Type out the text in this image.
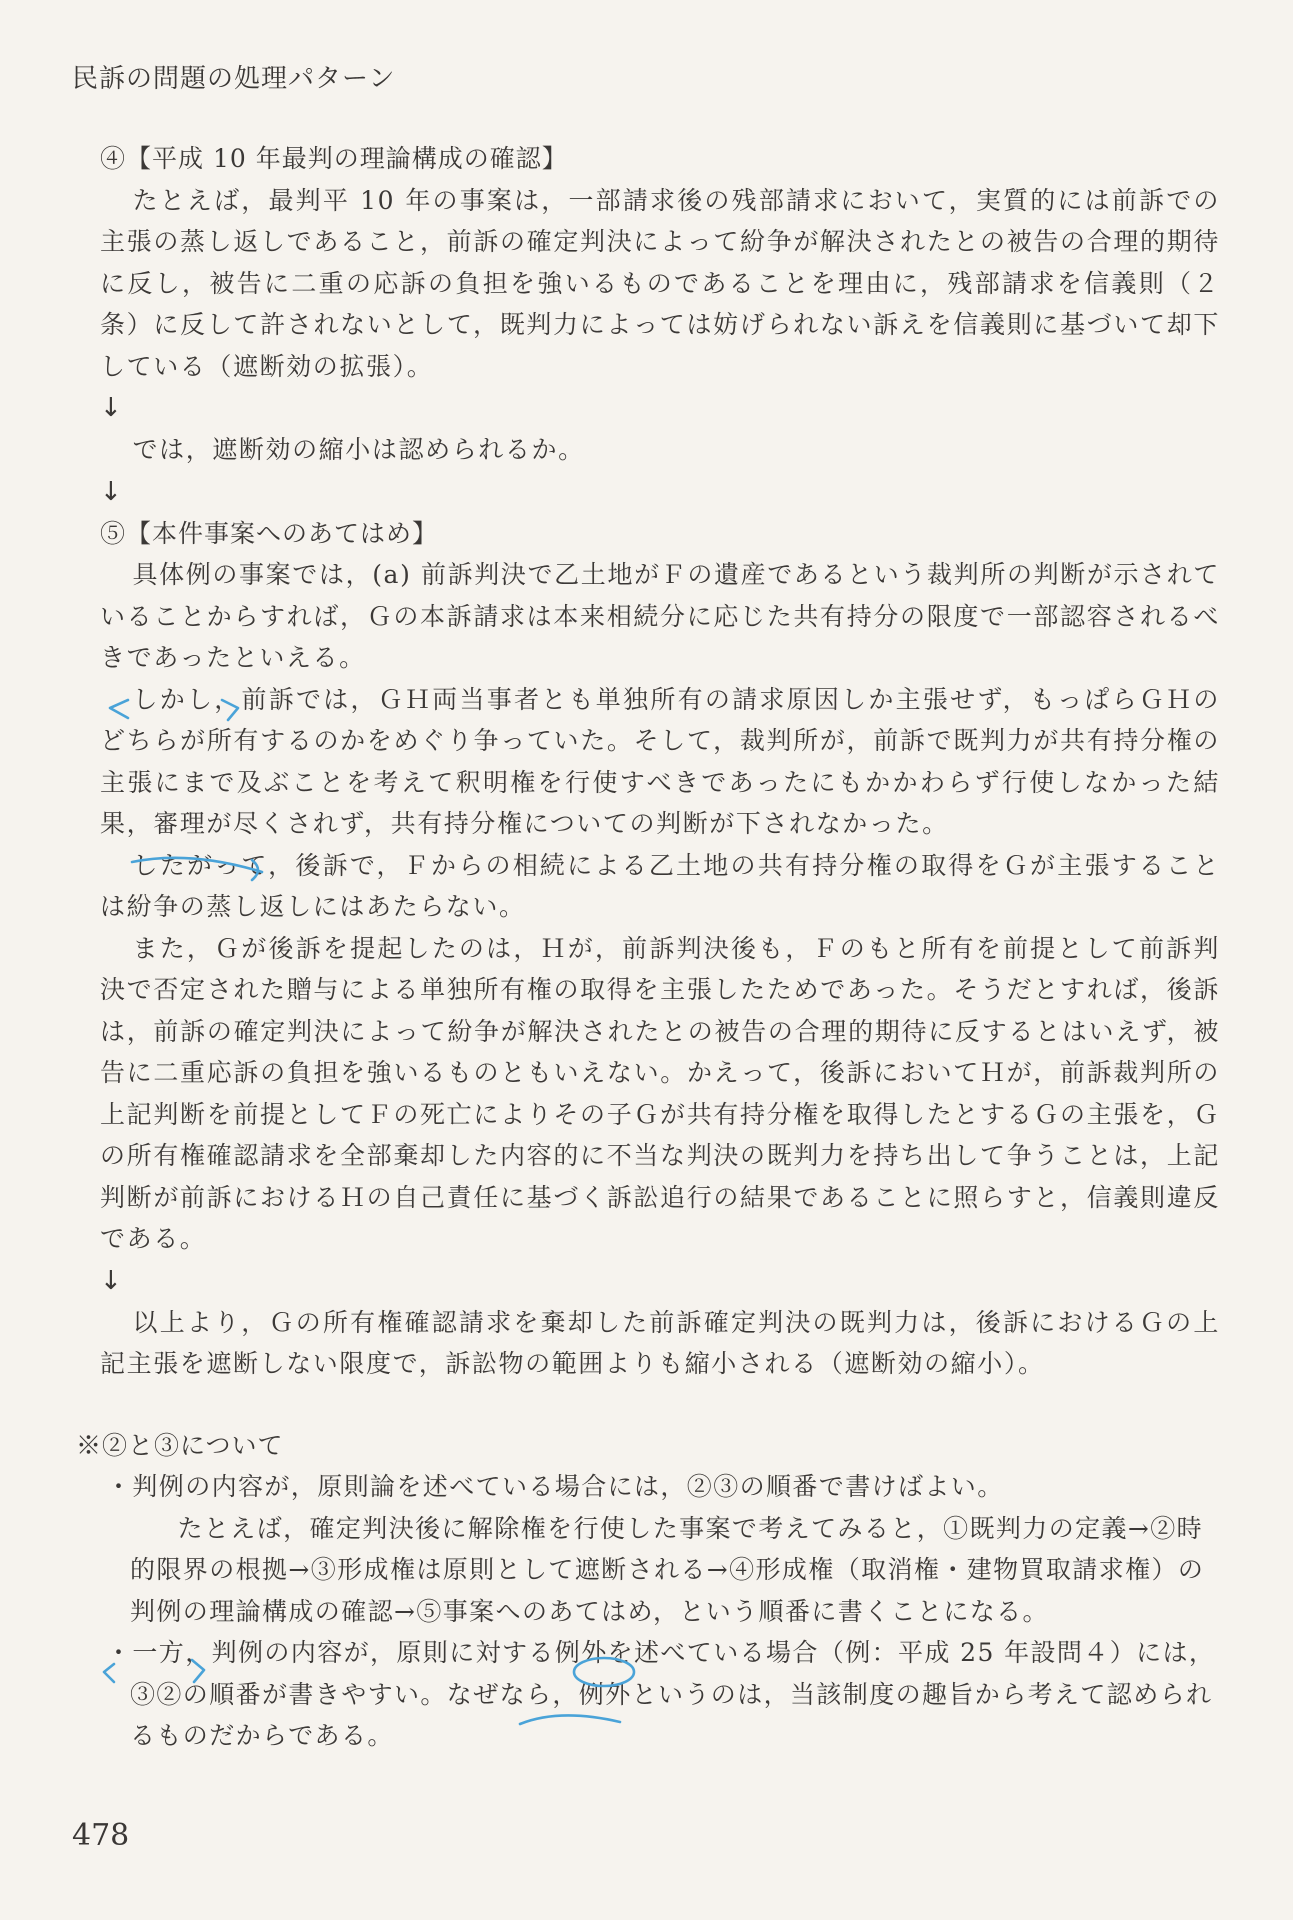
民訴の問題の処理パターン

④【平成 10 年最判の理論構成の確認】

たとえば，最判平 10 年の事案は，一部請求後の残部請求において，実質的には前訴での主張の蒸し返しであること，前訴の確定判決によって紛争が解決されたとの被告の合理的期待に反し，被告に二重の応訴の負担を強いるものであることを理由に，残部請求を信義則（２条）に反して許されないとして，既判力によっては妨げられない訴えを信義則に基づいて却下している（遮断効の拡張）。

↓

では，遮断効の縮小は認められるか。

↓

⑤【本件事案へのあてはめ】

具体例の事案では，(a) 前訴判決で乙土地がＦの遺産であるという裁判所の判断が示されていることからすれば，Ｇの本訴請求は本来相続分に応じた共有持分の限度で一部認容されるべきであったといえる。

しかし，前訴では，ＧＨ両当事者とも単独所有の請求原因しか主張せず，もっぱらＧＨのどちらが所有するのかをめぐり争っていた。そして，裁判所が，前訴で既判力が共有持分権の主張にまで及ぶことを考えて釈明権を行使すべきであったにもかかわらず行使しなかった結果，審理が尽くされず，共有持分権についての判断が下されなかった。

したがって，後訴で，Ｆからの相続による乙土地の共有持分権の取得をＧが主張することは紛争の蒸し返しにはあたらない。

また，Ｇが後訴を提起したのは，Ｈが，前訴判決後も，Ｆのもと所有を前提として前訴判決で否定された贈与による単独所有権の取得を主張したためであった。そうだとすれば，後訴は，前訴の確定判決によって紛争が解決されたとの被告の合理的期待に反するとはいえず，被告に二重応訴の負担を強いるものともいえない。かえって，後訴においてＨが，前訴裁判所の上記判断を前提としてＦの死亡によりその子Ｇが共有持分権を取得したとするＧの主張を，Ｇの所有権確認請求を全部棄却した内容的に不当な判決の既判力を持ち出して争うことは，上記判断が前訴におけるＨの自己責任に基づく訴訟追行の結果であることに照らすと，信義則違反である。

↓

以上より，Ｇの所有権確認請求を棄却した前訴確定判決の既判力は，後訴におけるＧの上記主張を遮断しない限度で，訴訟物の範囲よりも縮小される（遮断効の縮小）。

※②と③について

・判例の内容が，原則論を述べている場合には，②③の順番で書けばよい。

たとえば，確定判決後に解除権を行使した事案で考えてみると，①既判力の定義→②時的限界の根拠→③形成権は原則として遮断される→④形成権（取消権・建物買取請求権）の判例の理論構成の確認→⑤事案へのあてはめ，という順番に書くことになる。

・一方，判例の内容が，原則に対する例外を述べている場合（例：平成 25 年設問４）には，③②の順番が書きやすい。なぜなら，例外というのは，当該制度の趣旨から考えて認められるものだからである。

478
